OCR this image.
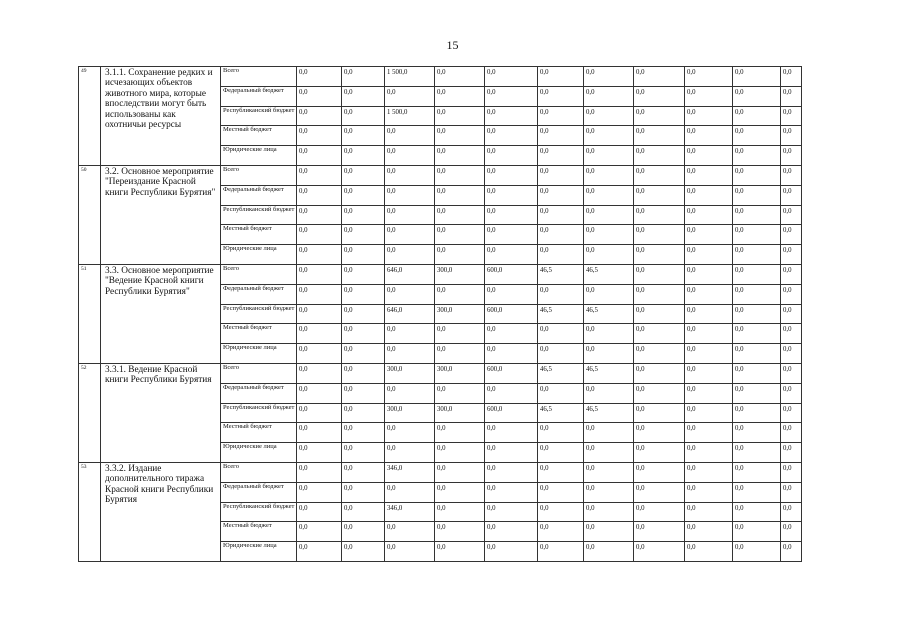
15
49	3.1.1. Сохранение редких и исчезающих объектов животного мира, которые впоследствии могут быть использованы как охотничьи ресурсы	Всего	0,0	0,0	1 500,0	0,0	0,0	0,0	0,0	0,0	0,0	0,0	0,0	
		Федеральный бюджет	0,0	0,0	0,0	0,0	0,0	0,0	0,0	0,0	0,0	0,0	0,0	
		Республиканский бюджет	0,0	0,0	1 500,0	0,0	0,0	0,0	0,0	0,0	0,0	0,0	0,0	
		Местный бюджет	0,0	0,0	0,0	0,0	0,0	0,0	0,0	0,0	0,0	0,0	0,0	
		Юридические лица	0,0	0,0	0,0	0,0	0,0	0,0	0,0	0,0	0,0	0,0	0,0	
50	3.2. Основное мероприятие "Переиздание Красной книги Республики Бурятия"	Всего	0,0	0,0	0,0	0,0	0,0	0,0	0,0	0,0	0,0	0,0	0,0	
		Федеральный бюджет	0,0	0,0	0,0	0,0	0,0	0,0	0,0	0,0	0,0	0,0	0,0	
		Республиканский бюджет	0,0	0,0	0,0	0,0	0,0	0,0	0,0	0,0	0,0	0,0	0,0	
		Местный бюджет	0,0	0,0	0,0	0,0	0,0	0,0	0,0	0,0	0,0	0,0	0,0	
		Юридические лица	0,0	0,0	0,0	0,0	0,0	0,0	0,0	0,0	0,0	0,0	0,0	
51	3.3. Основное мероприятие "Ведение Красной книги Республики Бурятия"	Всего	0,0	0,0	646,0	300,0	600,0	46,5	46,5	0,0	0,0	0,0	0,0	
		Федеральный бюджет	0,0	0,0	0,0	0,0	0,0	0,0	0,0	0,0	0,0	0,0	0,0	
		Республиканский бюджет	0,0	0,0	646,0	300,0	600,0	46,5	46,5	0,0	0,0	0,0	0,0	
		Местный бюджет	0,0	0,0	0,0	0,0	0,0	0,0	0,0	0,0	0,0	0,0	0,0	
		Юридические лица	0,0	0,0	0,0	0,0	0,0	0,0	0,0	0,0	0,0	0,0	0,0	
52	3.3.1. Ведение Красной книги Республики Бурятия	Всего	0,0	0,0	300,0	300,0	600,0	46,5	46,5	0,0	0,0	0,0	0,0	
		Федеральный бюджет	0,0	0,0	0,0	0,0	0,0	0,0	0,0	0,0	0,0	0,0	0,0	
		Республиканский бюджет	0,0	0,0	300,0	300,0	600,0	46,5	46,5	0,0	0,0	0,0	0,0	
		Местный бюджет	0,0	0,0	0,0	0,0	0,0	0,0	0,0	0,0	0,0	0,0	0,0	
		Юридические лица	0,0	0,0	0,0	0,0	0,0	0,0	0,0	0,0	0,0	0,0	0,0	
53	3.3.2. Издание дополнительного тиража Красной книги Республики Бурятия	Всего	0,0	0,0	346,0	0,0	0,0	0,0	0,0	0,0	0,0	0,0	0,0	
		Федеральный бюджет	0,0	0,0	0,0	0,0	0,0	0,0	0,0	0,0	0,0	0,0	0,0	
		Республиканский бюджет	0,0	0,0	346,0	0,0	0,0	0,0	0,0	0,0	0,0	0,0	0,0	
		Местный бюджет	0,0	0,0	0,0	0,0	0,0	0,0	0,0	0,0	0,0	0,0	0,0	
		Юридические лица	0,0	0,0	0,0	0,0	0,0	0,0	0,0	0,0	0,0	0,0	0,0	
